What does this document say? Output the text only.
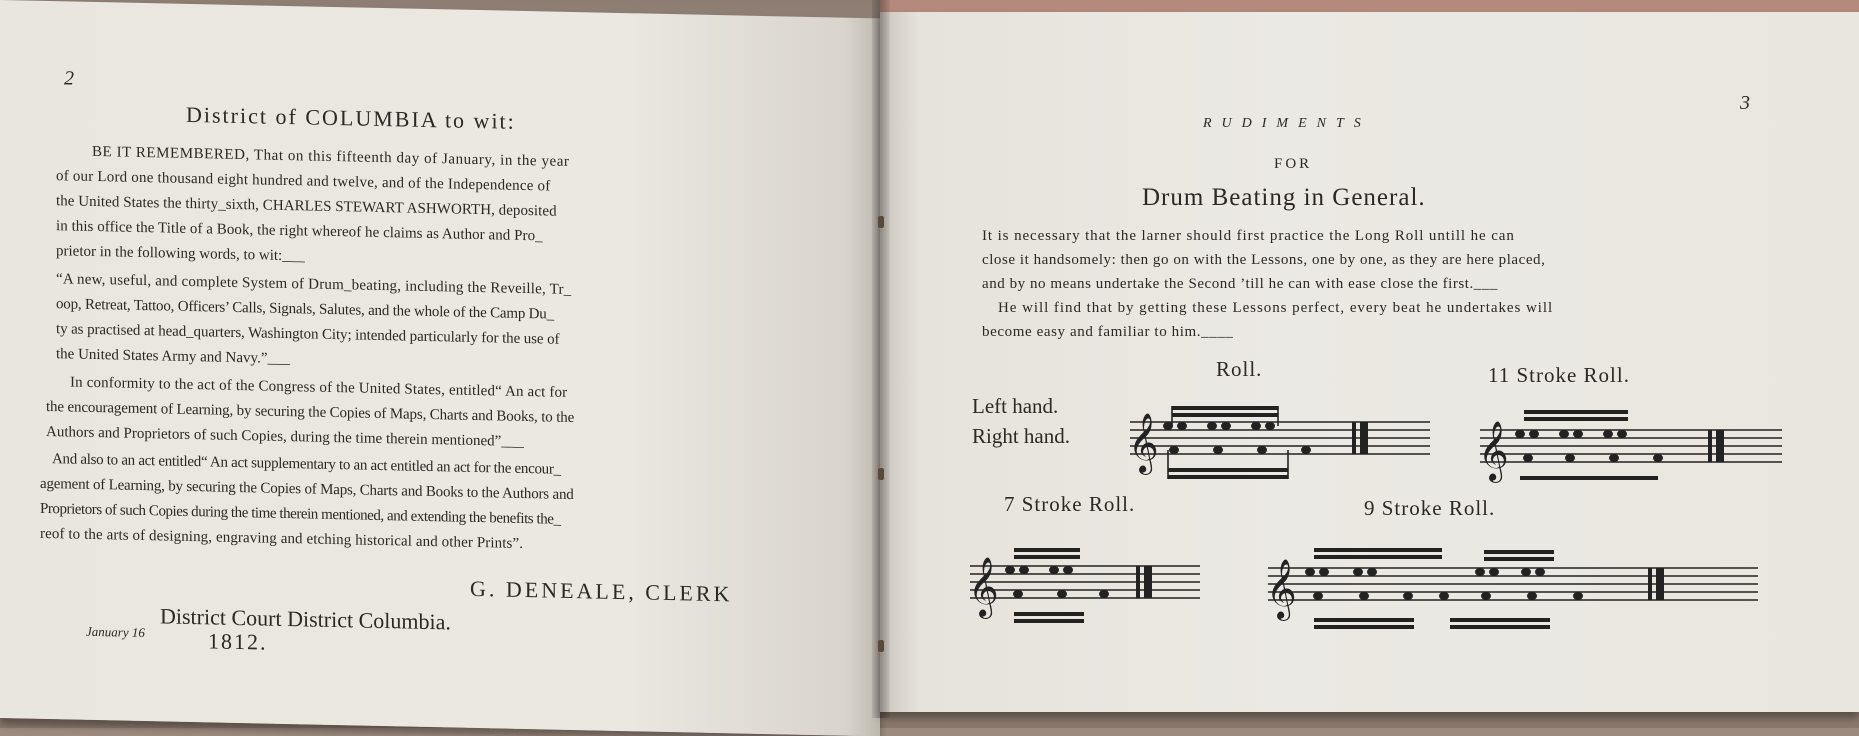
2
District of COLUMBIA to wit:
BE IT REMEMBERED, That on this fifteenth day of January, in the year
of our Lord one thousand eight hundred and twelve, and of the Independence of
the United States the thirty_sixth, CHARLES STEWART ASHWORTH, deposited
in this office the Title of a Book, the right whereof he claims as Author and Pro_
prietor in the following words, to wit:___
“A new, useful, and complete System of Drum_beating, including the Reveille, Tr_
oop, Retreat, Tattoo, Officers’ Calls, Signals, Salutes, and the whole of the Camp Du_
ty as practised at head_quarters, Washington City; intended particularly for the use of
the United States Army and Navy.”___
In conformity to the act of the Congress of the United States, entitled“ An act for
the encouragement of Learning, by securing the Copies of Maps, Charts and Books, to the
Authors and Proprietors of such Copies, during the time therein mentioned”___
And also to an act entitled“ An act supplementary to an act entitled an act for the encour_
agement of Learning, by securing the Copies of Maps, Charts and Books to the Authors and
Proprietors of such Copies during the time therein mentioned, and extending the benefits the_
reof to the arts of designing, engraving and etching historical and other Prints”.
G. DENEALE, CLERK
District Court District Columbia.
January 16	1812.
3
RUDIMENTS
FOR
Drum Beating in General.
It is necessary that the larner should first practice the Long Roll untill he can
close it handsomely: then go on with the Lessons, one by one, as they are here placed,
and by no means undertake the Second ’till he can with ease close the first.___
He will find that by getting these Lessons perfect, every beat he undertakes will
become easy and familiar to him.____
Roll.	11 Stroke Roll.
Left hand.
Right hand.
7 Stroke Roll.	9 Stroke Roll.
𝄞	𝄞
𝄞	𝄞
